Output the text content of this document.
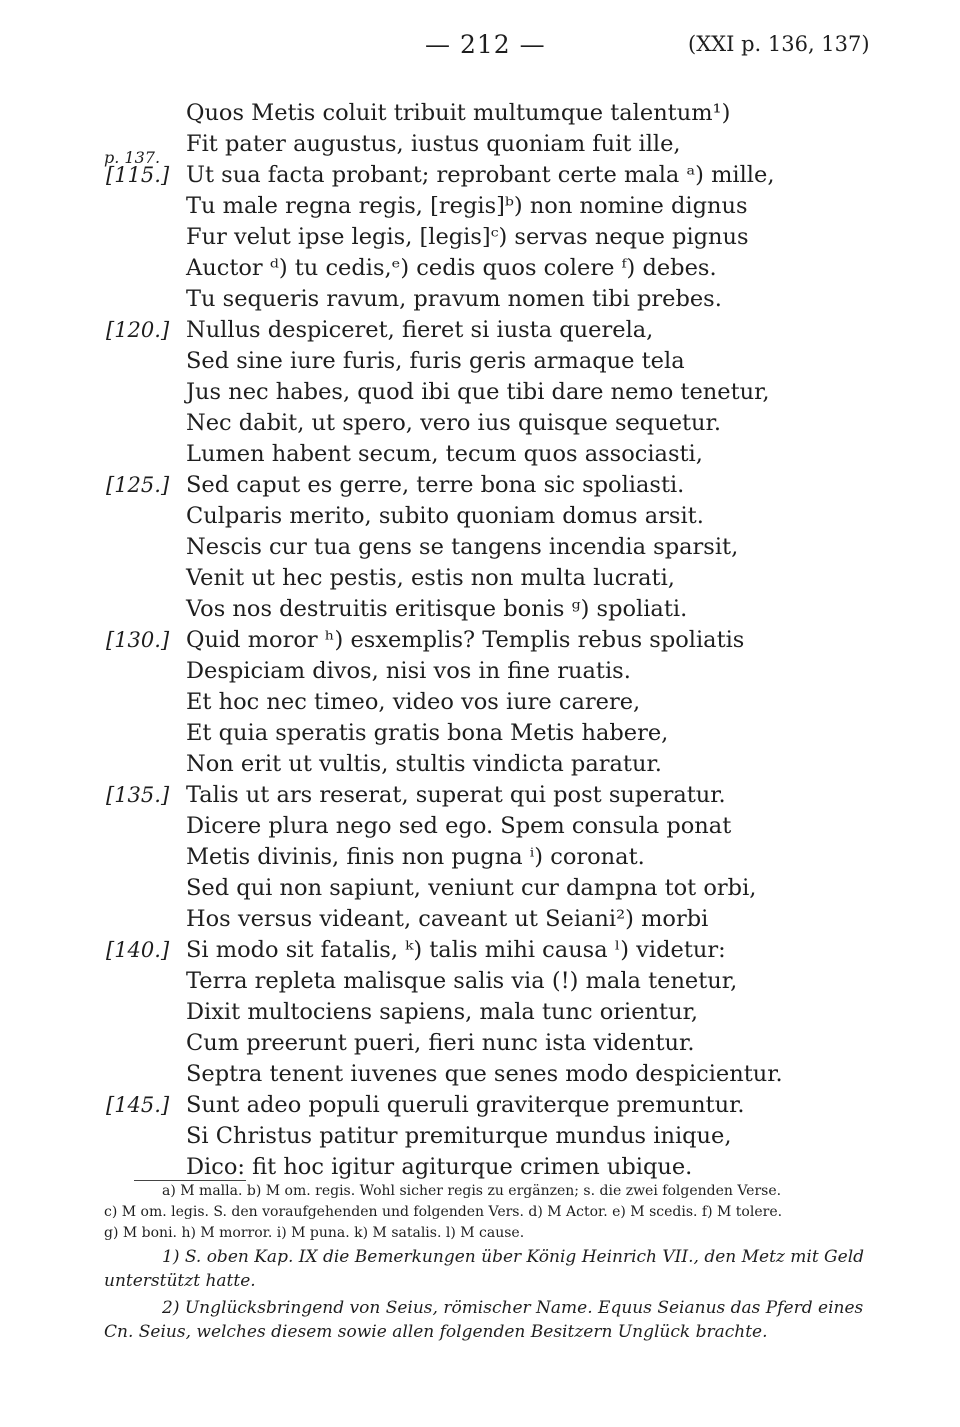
— 212 —	(XXI p. 136, 137)
p. 137.
Quos Metis coluit tribuit multumque talentum¹)
Fit pater augustus, iustus quoniam fuit ille,
Ut sua facta probant; reprobant certe mala ᵃ) mille,
Tu male regna regis, [regis]ᵇ) non nomine dignus
Fur velut ipse legis, [legis]ᶜ) servas neque pignus
Auctor ᵈ) tu cedis,ᵉ) cedis quos colere ᶠ) debes.
Tu sequeris ravum, pravum nomen tibi prebes.
Nullus despiceret, fieret si iusta querela,
Sed sine iure furis, furis geris armaque tela
Jus nec habes, quod ibi que tibi dare nemo tenetur,
Nec dabit, ut spero, vero ius quisque sequetur.
Lumen habent secum, tecum quos associasti,
Sed caput es gerre, terre bona sic spoliasti.
Culparis merito, subito quoniam domus arsit.
Nescis cur tua gens se tangens incendia sparsit,
Venit ut hec pestis, estis non multa lucrati,
Vos nos destruitis eritisque bonis ᵍ) spoliati.
Quid moror ʰ) esxemplis? Templis rebus spoliatis
Despiciam divos, nisi vos in fine ruatis.
Et hoc nec timeo, video vos iure carere,
Et quia speratis gratis bona Metis habere,
Non erit ut vultis, stultis vindicta paratur.
Talis ut ars reserat, superat qui post superatur.
Dicere plura nego sed ego. Spem consula ponat
Metis divinis, finis non pugna ⁱ) coronat.
Sed qui non sapiunt, veniunt cur dampna tot orbi,
Hos versus videant, caveant ut Seiani²) morbi
Si modo sit fatalis, ᵏ) talis mihi causa ˡ) videtur:
Terra repleta malisque salis via (!) mala tenetur,
Dixit multociens sapiens, mala tunc orientur,
Cum preerunt pueri, fieri nunc ista videntur.
Septra tenent iuvenes que senes modo despicientur.
Sunt adeo populi queruli graviterque premuntur.
Si Christus patitur premiturque mundus inique,
Dico: fit hoc igitur agiturque crimen ubique.
[115.]
[120.]
[125.]
[130.]
[135.]
[140.]
[145.]
a) M malla. b) M om. regis. Wohl sicher regis zu ergänzen; s. die zwei folgenden Verse.
c) M om. legis. S. den voraufgehenden und folgenden Vers. d) M Actor. e) M scedis. f) M tolere.
g) M boni. h) M morror. i) M puna. k) M satalis. l) M cause.
1) S. oben Kap. IX die Bemerkungen über König Heinrich VII., den Metz mit Geld unterstützt hatte.
2) Unglücksbringend von Seius, römischer Name. Equus Seianus das Pferd eines Cn. Seius, welches diesem sowie allen folgenden Besitzern Unglück brachte.
